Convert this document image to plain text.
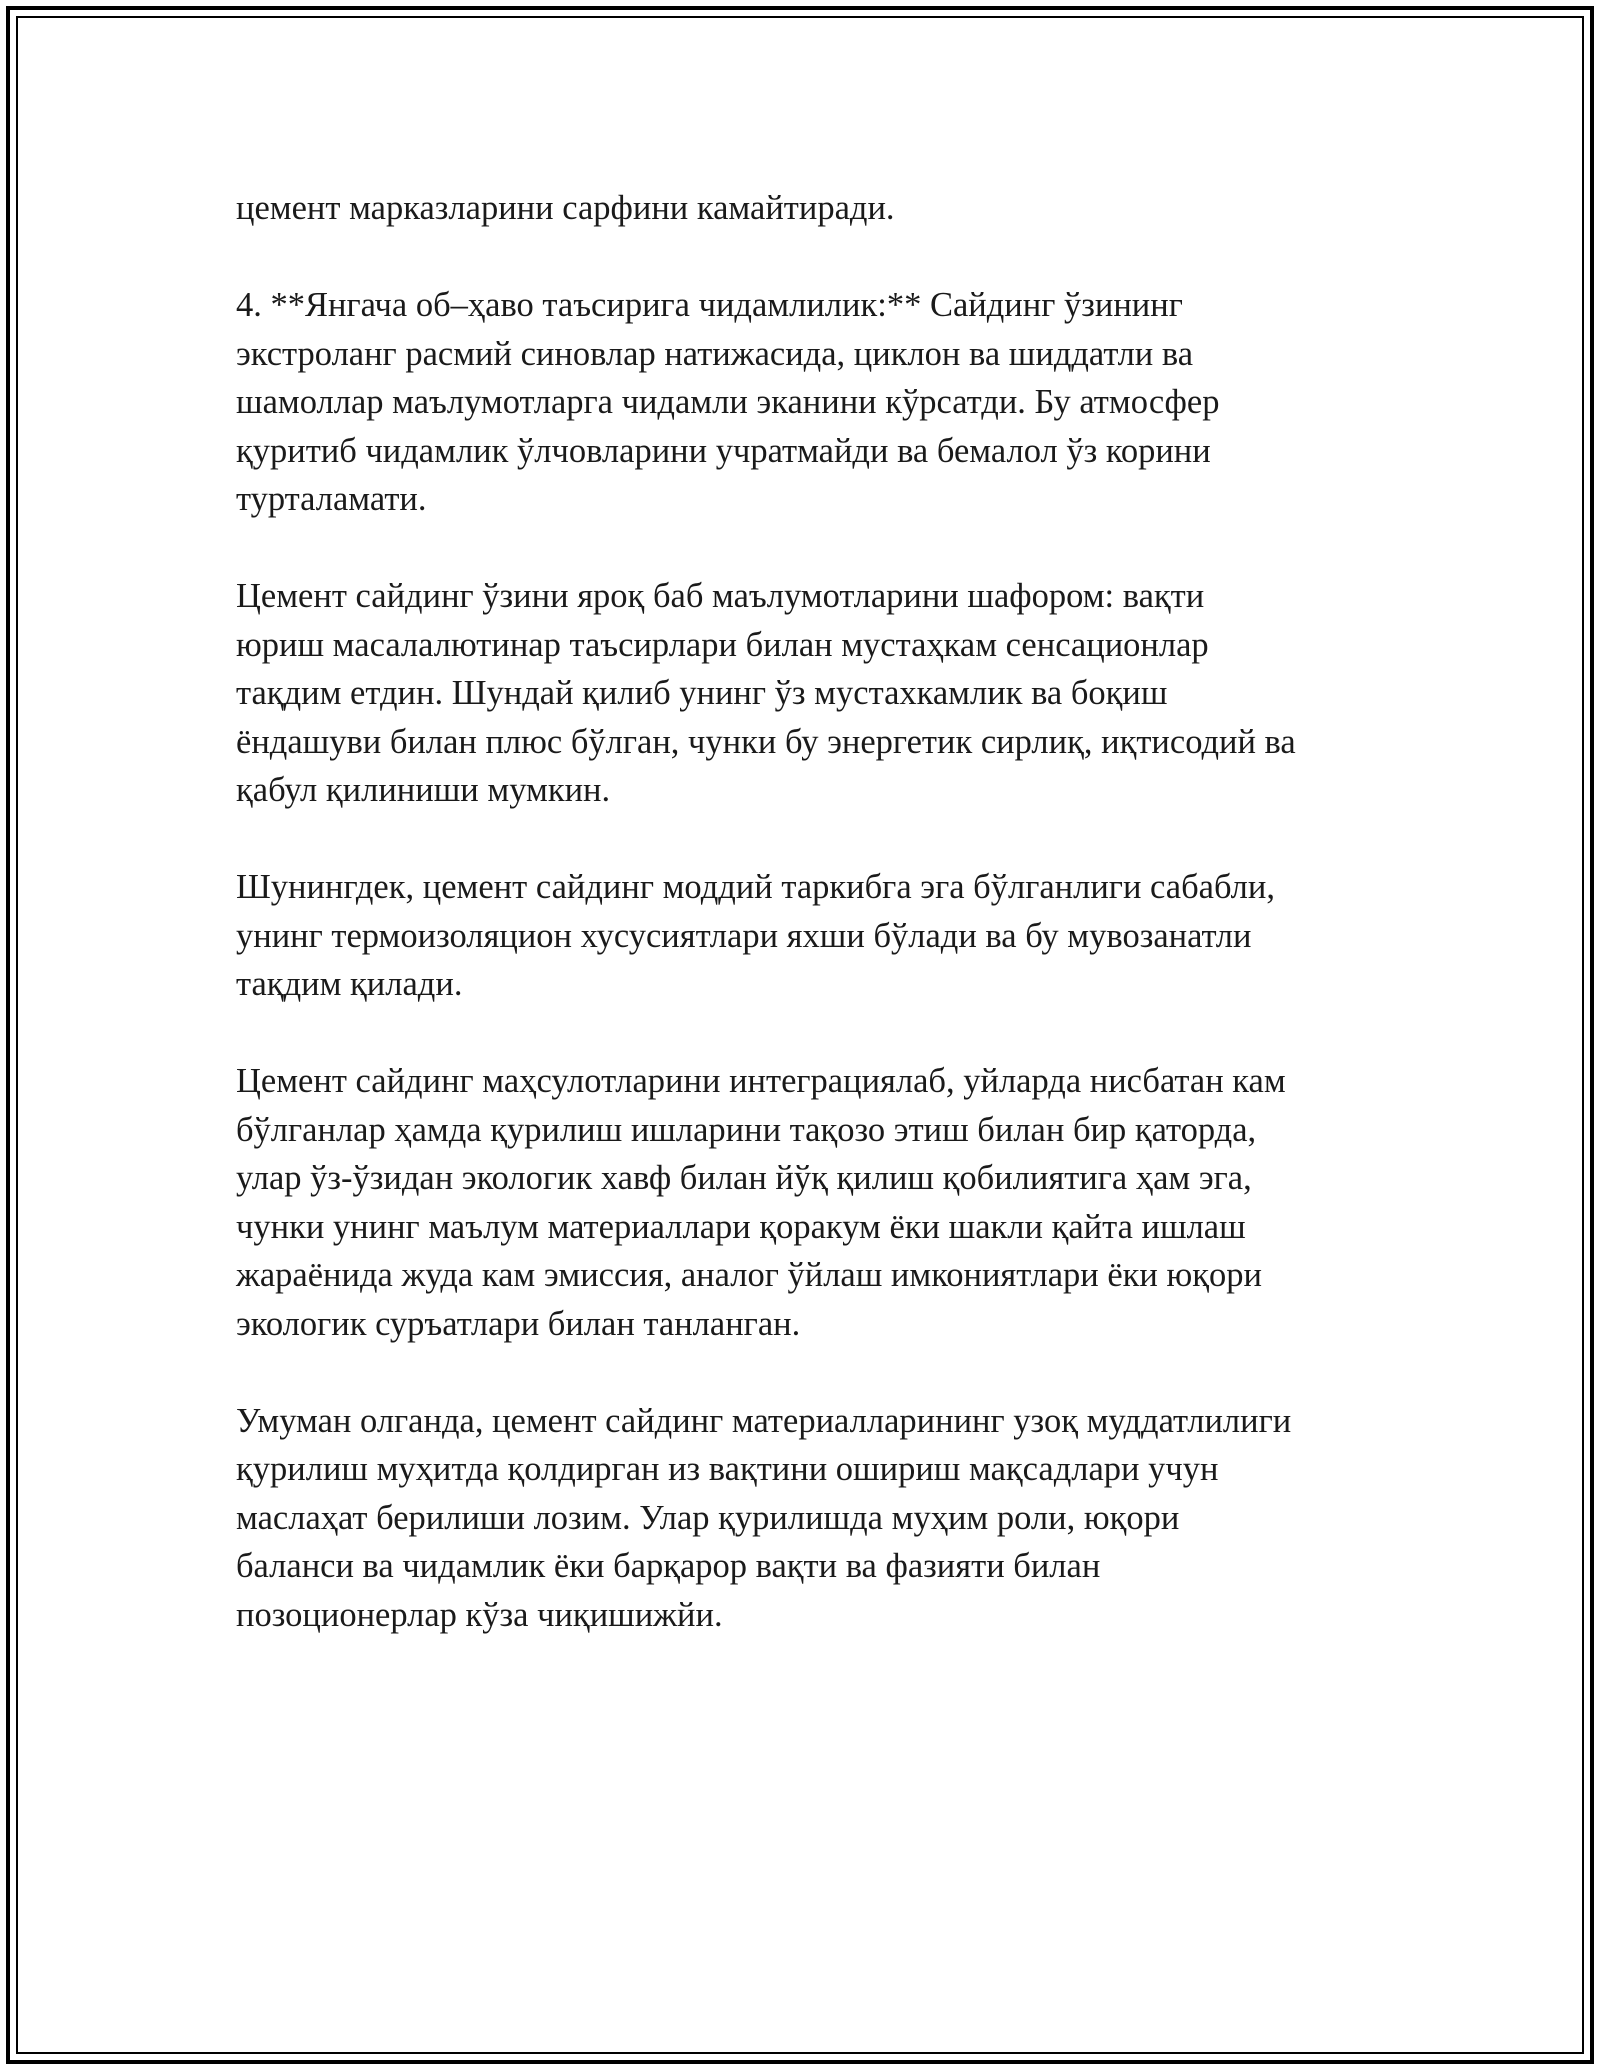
цемент марказларини сарфини камайтиради.

4. **Янгача об–ҳаво таъсирига чидамлилик:** Сайдинг ўзининг
экстроланг расмий синовлар натижасида, циклон ва шиддатли ва
шамоллар маълумотларга чидамли эканини кўрсатди. Бу атмосфер
қуритиб чидамлик ўлчовларини учратмайди ва бемалол ўз корини
турталамати.

Цемент сайдинг ўзини яроқ баб маълумотларини шафором: вақти
юриш масалалютинар таъсирлари билан мустаҳкам сенсационлар
тақдим етдин. Шундай қилиб унинг ўз мустахкамлик ва боқиш
ёндашуви билан плюс бўлган, чунки бу энергетик сирлиқ, иқтисодий ва
қабул қилиниши мумкин.

Шунингдек, цемент сайдинг моддий таркибга эга бўлганлиги сабабли,
унинг термоизоляцион хусусиятлари яхши бўлади ва бу мувозанатли
тақдим қилади.

Цемент сайдинг маҳсулотларини интеграциялаб, уйларда нисбатан кам
бўлганлар ҳамда қурилиш ишларини тақозо этиш билан бир қаторда,
улар ўз-ўзидан экологик хавф билан йўқ қилиш қобилиятига ҳам эга,
чунки унинг маълум материаллари қоракум ёки шакли қайта ишлаш
жараёнида жуда кам эмиссия, аналог ўйлаш имкониятлари ёки юқори
экологик суръатлари билан танланган.

Умуман олганда, цемент сайдинг материалларининг узоқ муддатлилиги
қурилиш муҳитда қолдирган из вақтини ошириш мақсадлари учун
маслаҳат берилиши лозим. Улар қурилишда муҳим роли, юқори
баланси ва чидамлик ёки барқарор вақти ва фазияти билан
позоционерлар кўза чиқишижйи.
